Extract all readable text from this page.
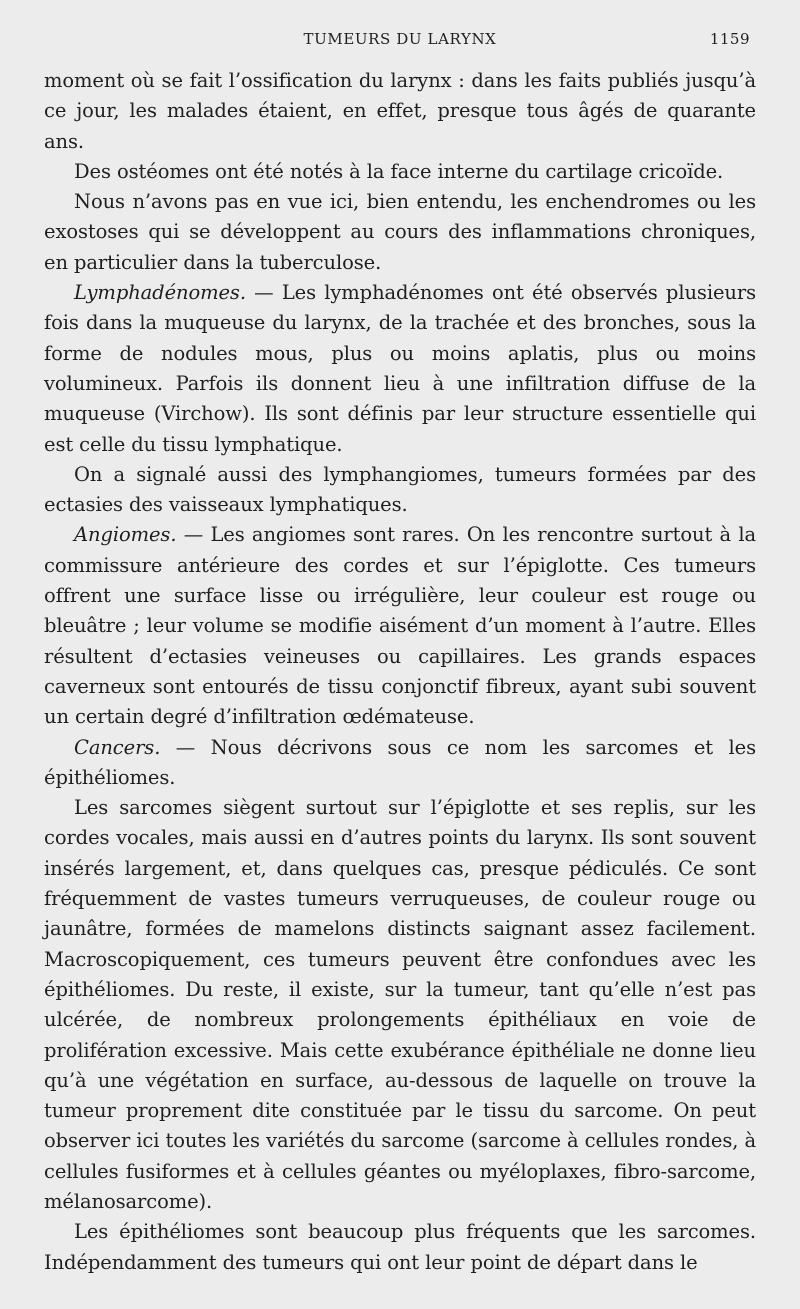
TUMEURS DU LARYNX	1159

moment où se fait l’ossification du larynx : dans les faits publiés jusqu’à ce jour, les malades étaient, en effet, presque tous âgés de quarante ans.

Des ostéomes ont été notés à la face interne du cartilage cricoïde.

Nous n’avons pas en vue ici, bien entendu, les enchendromes ou les exostoses qui se développent au cours des inflammations chroniques, en particulier dans la tuberculose.

Lymphadénomes. — Les lymphadénomes ont été observés plusieurs fois dans la muqueuse du larynx, de la trachée et des bronches, sous la forme de nodules mous, plus ou moins aplatis, plus ou moins volumineux. Parfois ils donnent lieu à une infiltration diffuse de la muqueuse (Virchow). Ils sont définis par leur structure essentielle qui est celle du tissu lymphatique.

On a signalé aussi des lymphangiomes, tumeurs formées par des ectasies des vaisseaux lymphatiques.

Angiomes. — Les angiomes sont rares. On les rencontre surtout à la commissure antérieure des cordes et sur l’épiglotte. Ces tumeurs offrent une surface lisse ou irrégulière, leur couleur est rouge ou bleuâtre ; leur volume se modifie aisément d’un moment à l’autre. Elles résultent d’ectasies veineuses ou capillaires. Les grands espaces caverneux sont entourés de tissu conjonctif fibreux, ayant subi souvent un certain degré d’infiltration œdémateuse.

Cancers. — Nous décrivons sous ce nom les sarcomes et les épithéliomes.

Les sarcomes siègent surtout sur l’épiglotte et ses replis, sur les cordes vocales, mais aussi en d’autres points du larynx. Ils sont souvent insérés largement, et, dans quelques cas, presque pédiculés. Ce sont fréquemment de vastes tumeurs verruqueuses, de couleur rouge ou jaunâtre, formées de mamelons distincts saignant assez facilement. Macroscopiquement, ces tumeurs peuvent être confondues avec les épithéliomes. Du reste, il existe, sur la tumeur, tant qu’elle n’est pas ulcérée, de nombreux prolongements épithéliaux en voie de prolifération excessive. Mais cette exubérance épithéliale ne donne lieu qu’à une végétation en surface, au-dessous de laquelle on trouve la tumeur proprement dite constituée par le tissu du sarcome. On peut observer ici toutes les variétés du sarcome (sarcome à cellules rondes, à cellules fusiformes et à cellules géantes ou myéloplaxes, fibro-sarcome, mélanosarcome).

Les épithéliomes sont beaucoup plus fréquents que les sarcomes. Indépendamment des tumeurs qui ont leur point de départ dans le
